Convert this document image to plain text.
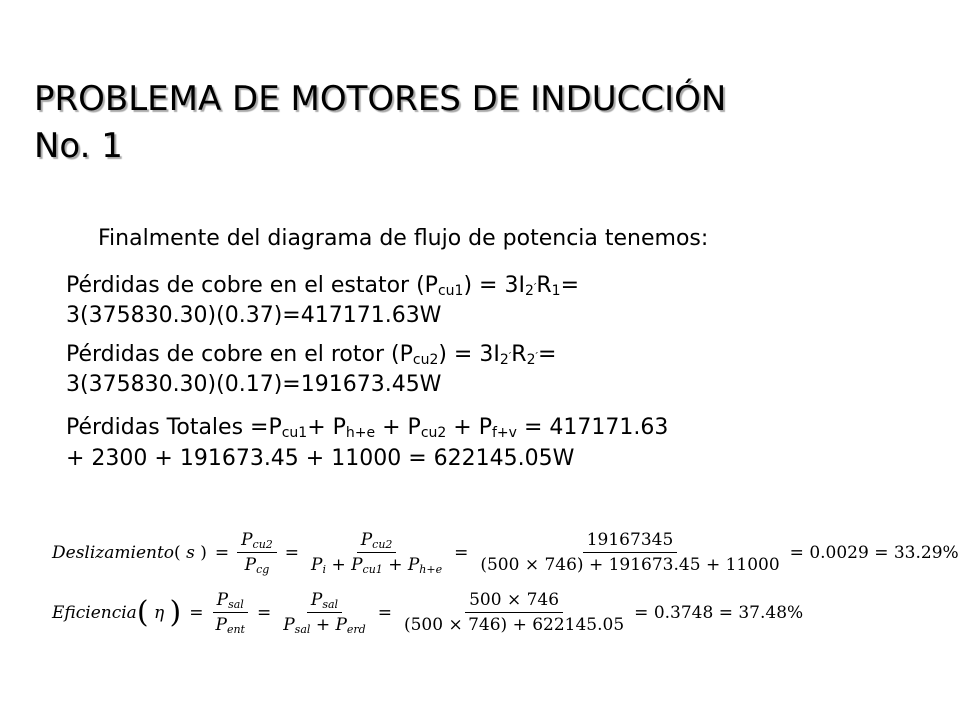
PROBLEMA DE MOTORES DE INDUCCIÓN
No. 1
Finalmente del diagrama de flujo de potencia tenemos:
Pérdidas de cobre en el estator $(P_{cu1}) = 3I_2'R_1=$
3(375830.30)(0.37)=417171.63W
Pérdidas de cobre en el rotor $(P_{cu2}) = 3I_2'R_2'=$
3(375830.30)(0.17)=191673.45W
Pérdidas Totales $=P_{cu1}+ P_{h+e} + P_{cu2} + P_{f+v} = 417171.63$
+ 2300 + 191673.45 + 11000 = 622145.05W
Deslizamiento ( s ) = $\frac{P_{cu2}}{P_{cg}} = \frac{P_{cu2}}{P_i + P_{cu1} + P_{h+e}} = \frac{19167345}{(500 \times 746) + 191673.45 + 11000} = 0.0029 = 33.29\%$
Eficiencia (
η
) = $\frac{P_{sal}}{P_{ent}} = \frac{P_{sal}}{P_{sal} + P_{erd}} = \frac{500 \times 746}{(500 \times 746) + 622145.05} = 0.3748 = 37.48\%$
